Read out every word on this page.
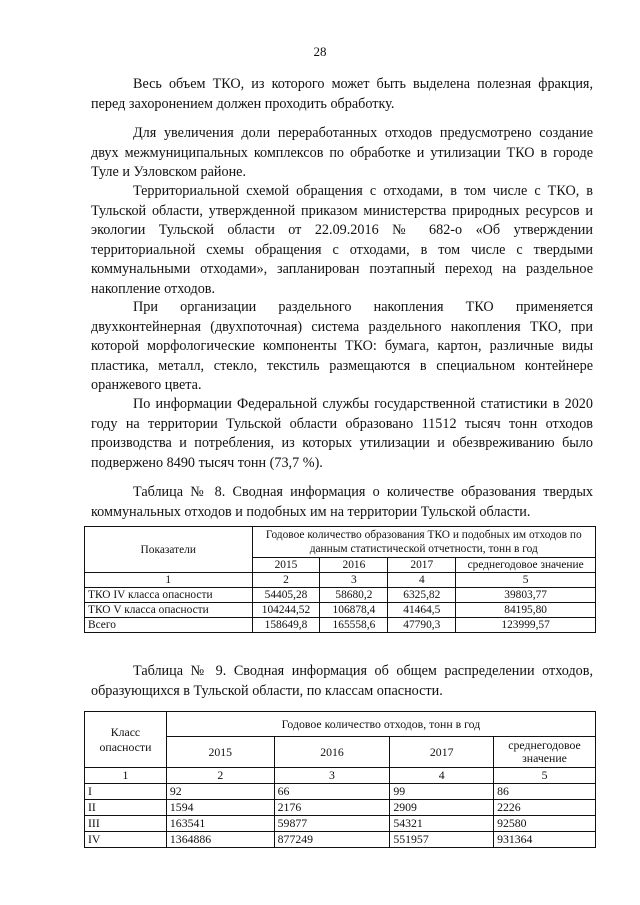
28
Весь объем ТКО, из которого может быть выделена полезная фракция, перед захоронением должен проходить обработку.
Для увеличения доли переработанных отходов предусмотрено создание двух межмуниципальных комплексов по обработке и утилизации ТКО в городе Туле и Узловском районе.
Территориальной схемой обращения с отходами, в том числе с ТКО, в Тульской области, утвержденной приказом министерства природных ресурсов и экологии Тульской области от 22.09.2016 № 682-о «Об утверждении территориальной схемы обращения с отходами, в том числе с твердыми коммунальными отходами», запланирован поэтапный переход на раздельное накопление отходов.
При организации раздельного накопления ТКО применяется двухконтейнерная (двухпоточная) система раздельного накопления ТКО, при которой морфологические компоненты ТКО: бумага, картон, различные виды пластика, металл, стекло, текстиль размещаются в специальном контейнере оранжевого цвета.
По информации Федеральной службы государственной статистики в 2020 году на территории Тульской области образовано 11512 тысяч тонн отходов производства и потребления, из которых утилизации и обезвреживанию было подвержено 8490 тысяч тонн (73,7 %).
Таблица № 8. Сводная информация о количестве образования твердых коммунальных отходов и подобных им на территории Тульской области.
Показатели	Годовое количество образования ТКО и подобных им отходов по данным статистической отчетности, тонн в год			
	2015	2016	2017	среднегодовое значение
1	2	3	4	5
ТКО IV класса опасности	54405,28	58680,2	6325,82	39803,77
ТКО V класса опасности	104244,52	106878,4	41464,5	84195,80
Всего	158649,8	165558,6	47790,3	123999,57
Таблица № 9. Сводная информация об общем распределении отходов, образующихся в Тульской области, по классам опасности.
Класс опасности	Годовое количество отходов, тонн в год			
	2015	2016	2017	среднегодовое значение
1	2	3	4	5
I	92	66	99	86
II	1594	2176	2909	2226
III	163541	59877	54321	92580
IV	1364886	877249	551957	931364
